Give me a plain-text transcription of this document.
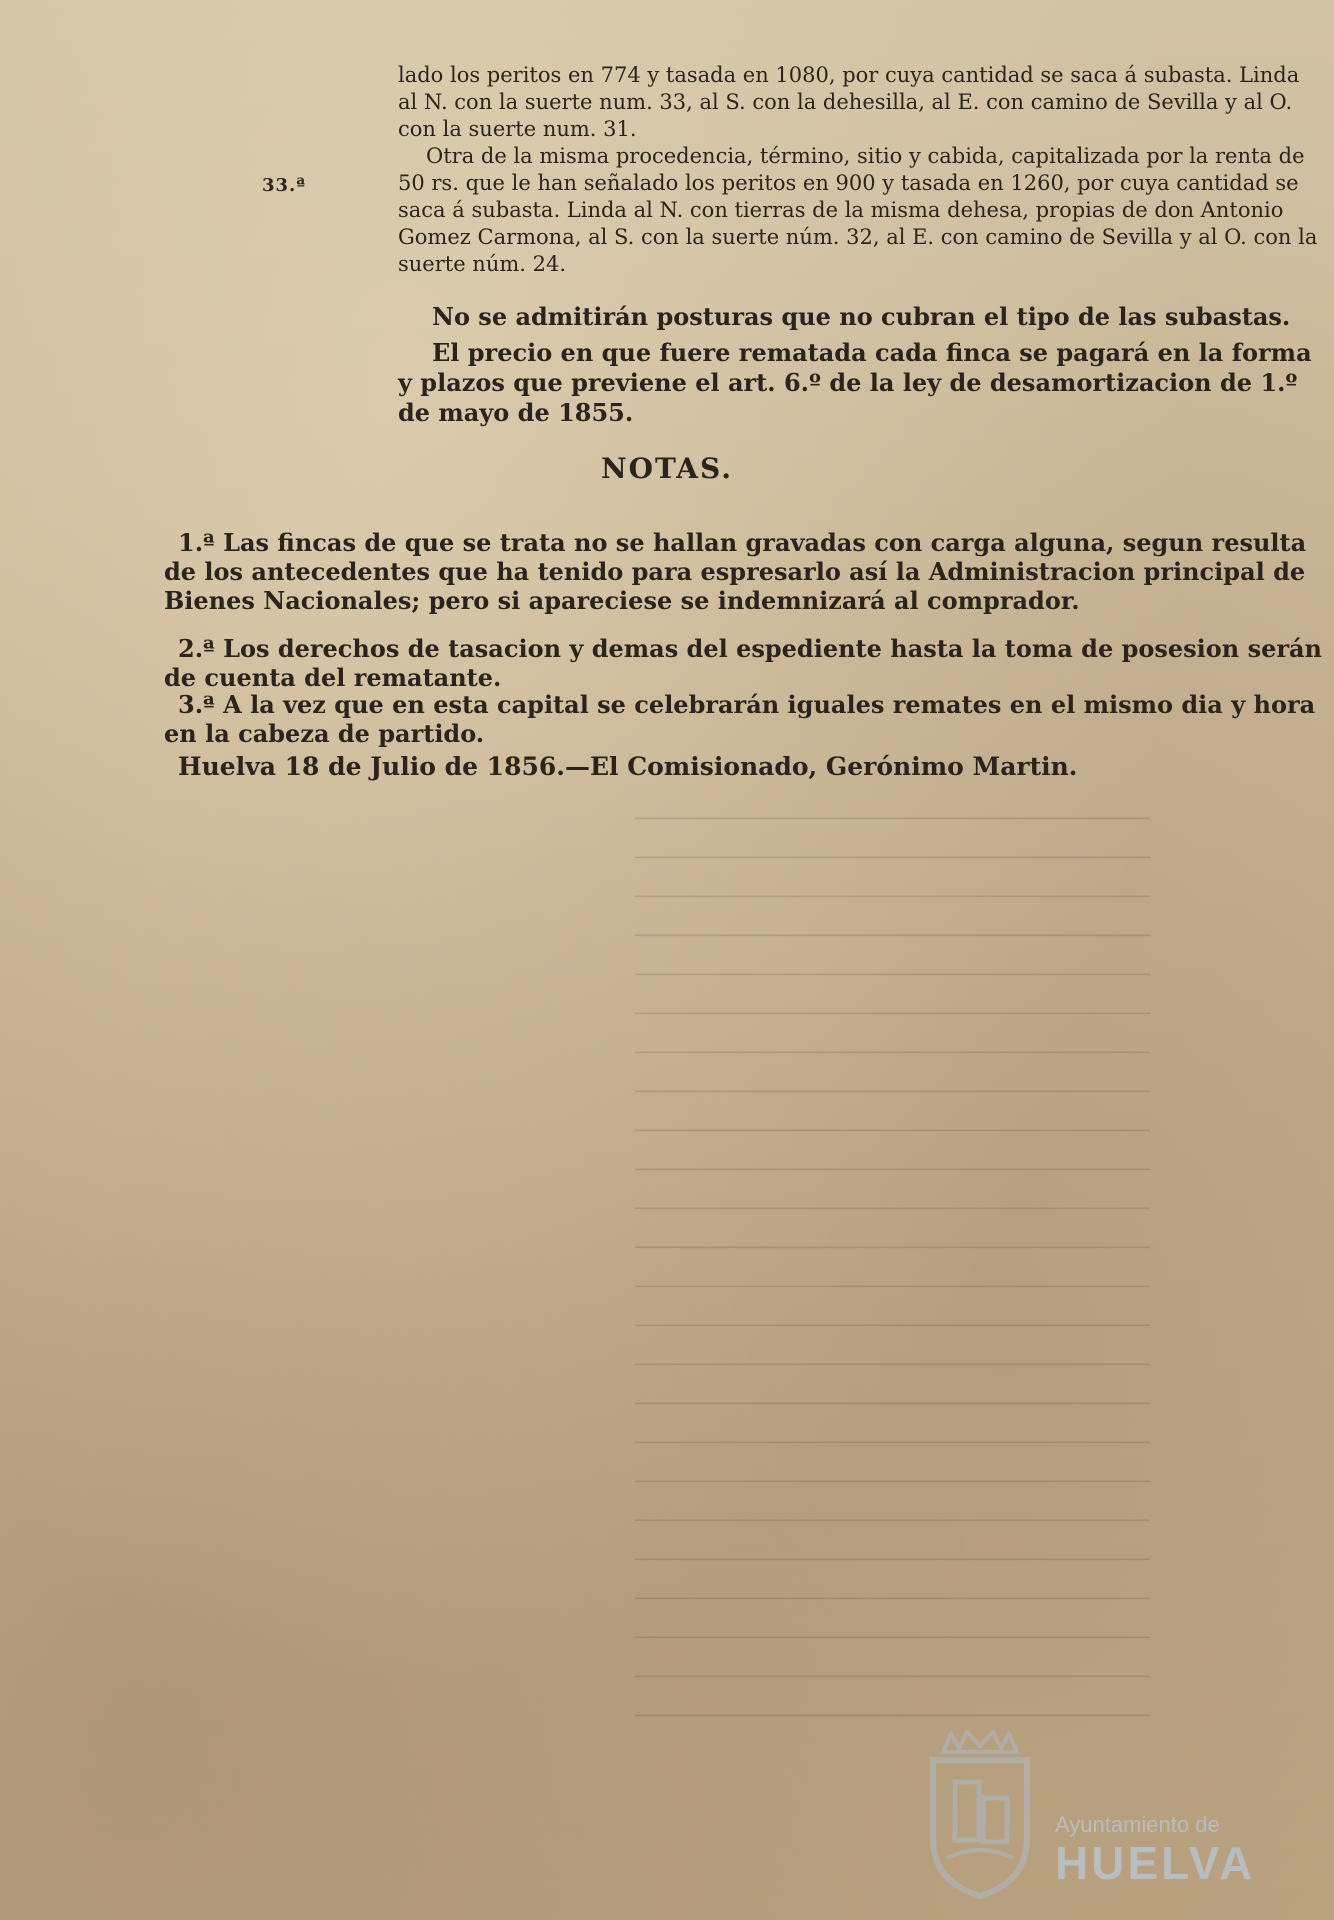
lado los peritos en 774 y tasada en 1080, por cuya cantidad se saca á subasta. Linda al N. con la suerte num. 33, al S. con la dehesilla, al E. con camino de Sevilla y al O. con la suerte num. 31.
33.ª
Otra de la misma procedencia, término, sitio y cabida, capitalizada por la renta de 50 rs. que le han señalado los peritos en 900 y tasada en 1260, por cuya cantidad se saca á subasta. Linda al N. con tierras de la misma dehesa, propias de don Antonio Gomez Carmona, al S. con la suerte núm. 32, al E. con camino de Sevilla y al O. con la suerte núm. 24.
No se admitirán posturas que no cubran el tipo de las subastas.
El precio en que fuere rematada cada finca se pagará en la forma y plazos que previene el art. 6.º de la ley de desamortizacion de 1.º de mayo de 1855.
NOTAS.
1.ª Las fincas de que se trata no se hallan gravadas con carga alguna, segun resulta de los antecedentes que ha tenido para espresarlo así la Administracion principal de Bienes Nacionales; pero si apareciese se indemnizará al comprador.
2.ª Los derechos de tasacion y demas del espediente hasta la toma de posesion serán de cuenta del rematante.
3.ª A la vez que en esta capital se celebrarán iguales remates en el mismo dia y hora en la cabeza de partido.
Huelva 18 de Julio de 1856.—El Comisionado, Gerónimo Martin.
─────────────────────────────────────────────
─────────────────────────────────────────────
─────────────────────────────────────────────
─────────────────────────────────────────────
─────────────────────────────────────────────
─────────────────────────────────────────────
─────────────────────────────────────────────
─────────────────────────────────────────────
─────────────────────────────────────────────
─────────────────────────────────────────────
─────────────────────────────────────────────
─────────────────────────────────────────────
─────────────────────────────────────────────
─────────────────────────────────────────────
─────────────────────────────────────────────
─────────────────────────────────────────────
─────────────────────────────────────────────
─────────────────────────────────────────────
─────────────────────────────────────────────
─────────────────────────────────────────────
─────────────────────────────────────────────
─────────────────────────────────────────────
─────────────────────────────────────────────
─────────────────────────────────────────────
Ayuntamiento de
HUELVA
